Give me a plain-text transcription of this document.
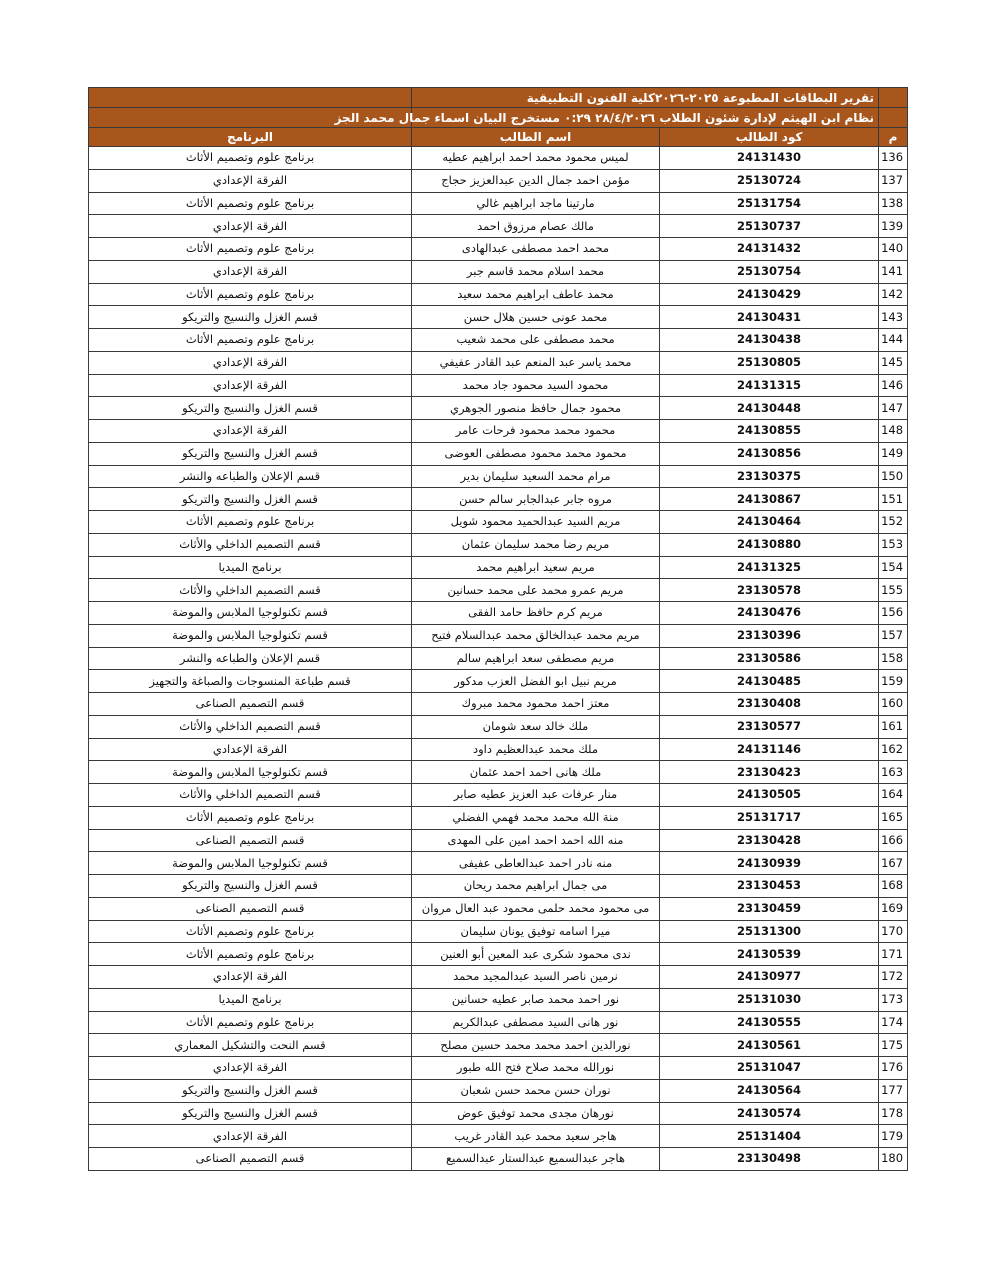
	تقرير البطاقات المطبوعة ٢٠٢٥-٢٠٢٦كلية الفنون التطبيقية		
	نظام ابن الهيثم لإدارة شئون الطلاب ٢٨/٤/٢٠٢٦ ٠:٢٩ مستخرج البيان اسماء جمال محمد الجز		
م	كود الطالب	اسم الطالب	البرنامج
136	24131430	لميس محمود محمد احمد ابراهيم عطيه	برنامج علوم وتصميم الأثاث
137	25130724	مؤمن احمد جمال الدين عبدالعزيز حجاج	الفرقة الإعدادي
138	25131754	مارتينا ماجد ابراهيم غالي	برنامج علوم وتصميم الأثاث
139	25130737	مالك عصام مرزوق احمد	الفرقة الإعدادي
140	24131432	محمد احمد مصطفى عبدالهادى	برنامج علوم وتصميم الأثاث
141	25130754	محمد اسلام محمد قاسم جبر	الفرقة الإعدادي
142	24130429	محمد عاطف ابراهيم محمد سعيد	برنامج علوم وتصميم الأثاث
143	24130431	محمد عونى حسين هلال حسن	قسم الغزل والنسيج والتريكو
144	24130438	محمد مصطفى على محمد شعيب	برنامج علوم وتصميم الأثاث
145	25130805	محمد ياسر عبد المنعم عبد القادر عفيفي	الفرقة الإعدادي
146	24131315	محمود السيد محمود جاد محمد	الفرقة الإعدادي
147	24130448	محمود جمال حافظ منصور الجوهري	قسم الغزل والنسيج والتريكو
148	24130855	محمود محمد محمود فرحات عامر	الفرقة الإعدادي
149	24130856	محمود محمد محمود مصطفى العوضى	قسم الغزل والنسيج والتريكو
150	23130375	مرام محمد السعيد سليمان بدير	قسم الإعلان والطباعه والنشر
151	24130867	مروه جابر عبدالجابر سالم حسن	قسم الغزل والنسيج والتريكو
152	24130464	مريم السيد عبدالحميد محمود شويل	برنامج علوم وتصميم الأثاث
153	24130880	مريم رضا محمد سليمان عثمان	قسم التصميم الداخلي والأثاث
154	24131325	مريم سعيد ابراهيم محمد	برنامج الميديا
155	23130578	مريم عمرو محمد على محمد حسانين	قسم التصميم الداخلي والأثاث
156	24130476	مريم كرم حافظ حامد الفقى	قسم تكنولوجيا الملابس والموضة
157	23130396	مريم محمد عبدالخالق محمد عبدالسلام فتيح	قسم تكنولوجيا الملابس والموضة
158	23130586	مريم مصطفى سعد ابراهيم سالم	قسم الإعلان والطباعه والنشر
159	24130485	مريم نبيل ابو الفضل العزب مدكور	قسم طباعة المنسوجات والصباغة والتجهيز
160	23130408	معتز احمد محمود محمد مبروك	قسم التصميم الصناعى
161	23130577	ملك خالد سعد شومان	قسم التصميم الداخلي والأثاث
162	24131146	ملك محمد عبدالعظيم داود	الفرقة الإعدادي
163	23130423	ملك هانى احمد احمد عثمان	قسم تكنولوجيا الملابس والموضة
164	24130505	منار عرفات عبد العزيز عطيه صابر	قسم التصميم الداخلي والأثاث
165	25131717	منة الله محمد محمد فهمي الفضلي	برنامج علوم وتصميم الأثاث
166	23130428	منه الله احمد احمد امين على المهدى	قسم التصميم الصناعى
167	24130939	منه نادر احمد عبدالعاطى عفيفى	قسم تكنولوجيا الملابس والموضة
168	23130453	مى جمال ابراهيم محمد ريحان	قسم الغزل والنسيج والتريكو
169	23130459	مى محمود محمد حلمى محمود عبد العال مروان	قسم التصميم الصناعى
170	25131300	ميرا اسامه توفيق يونان سليمان	برنامج علوم وتصميم الأثاث
171	24130539	ندى محمود شكرى عبد المعين أبو العنين	برنامج علوم وتصميم الأثاث
172	24130977	نرمين ناصر السيد عبدالمجيد محمد	الفرقة الإعدادي
173	25131030	نور احمد محمد صابر عطيه حسانين	برنامج الميديا
174	24130555	نور هانى السيد مصطفى عبدالكريم	برنامج علوم وتصميم الأثاث
175	24130561	نورالدين احمد محمد محمد حسين مصلح	قسم النحت والتشكيل المعماري
176	25131047	نورالله محمد صلاح فتح الله طبور	الفرقة الإعدادي
177	24130564	نوران حسن محمد حسن شعبان	قسم الغزل والنسيج والتريكو
178	24130574	نورهان مجدى محمد توفيق عوض	قسم الغزل والنسيج والتريكو
179	25131404	هاجر سعيد محمد عبد القادر غريب	الفرقة الإعدادي
180	23130498	هاجر عبدالسميع عبدالستار عبدالسميع	قسم التصميم الصناعى
